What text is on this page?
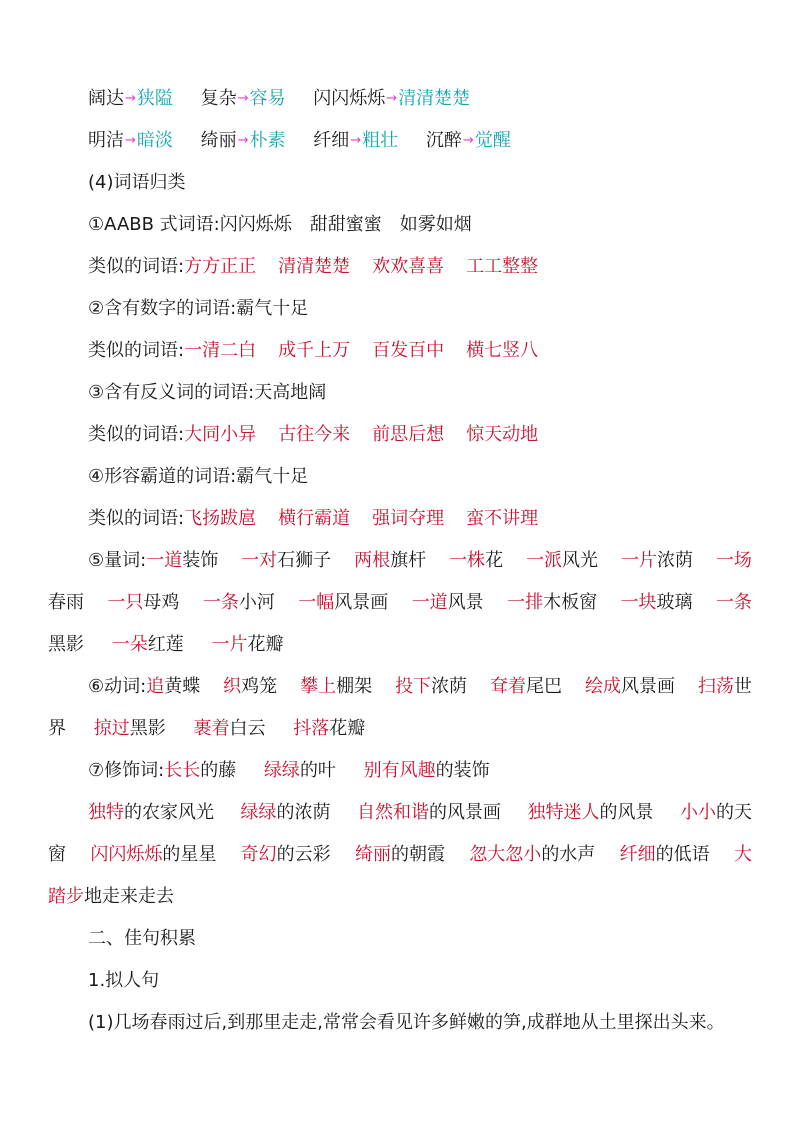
阔达→狭隘 复杂→容易 闪闪烁烁→清清楚楚
明洁→暗淡 绮丽→朴素 纤细→粗壮 沉醉→觉醒
(4)词语归类
①AABB 式词语:闪闪烁烁　甜甜蜜蜜　如雾如烟
类似的词语:方方正正 清清楚楚 欢欢喜喜 工工整整
②含有数字的词语:霸气十足
类似的词语:一清二白 成千上万 百发百中 横七竖八
③含有反义词的词语:天高地阔
类似的词语:大同小异 古往今来 前思后想 惊天动地
④形容霸道的词语:霸气十足
类似的词语:飞扬跋扈 横行霸道 强词夺理 蛮不讲理
⑤量词:一道装饰 一对石狮子 两根旗杆 一株花 一派风光 一片浓荫 一场
春雨 一只母鸡 一条小河 一幅风景画 一道风景 一排木板窗 一块玻璃 一条
黑影 一朵红莲 一片花瓣
⑥动词:追黄蝶 织鸡笼 攀上棚架 投下浓荫 耷着尾巴 绘成风景画 扫荡世
界 掠过黑影 裹着白云 抖落花瓣
⑦修饰词:长长的藤 绿绿的叶 别有风趣的装饰
独特的农家风光 绿绿的浓荫 自然和谐的风景画 独特迷人的风景 小小的天
窗 闪闪烁烁的星星 奇幻的云彩 绮丽的朝霞 忽大忽小的水声 纤细的低语 大
踏步地走来走去
二、佳句积累
1.拟人句
(1)几场春雨过后,到那里走走,常常会看见许多鲜嫩的笋,成群地从土里探出头来。
